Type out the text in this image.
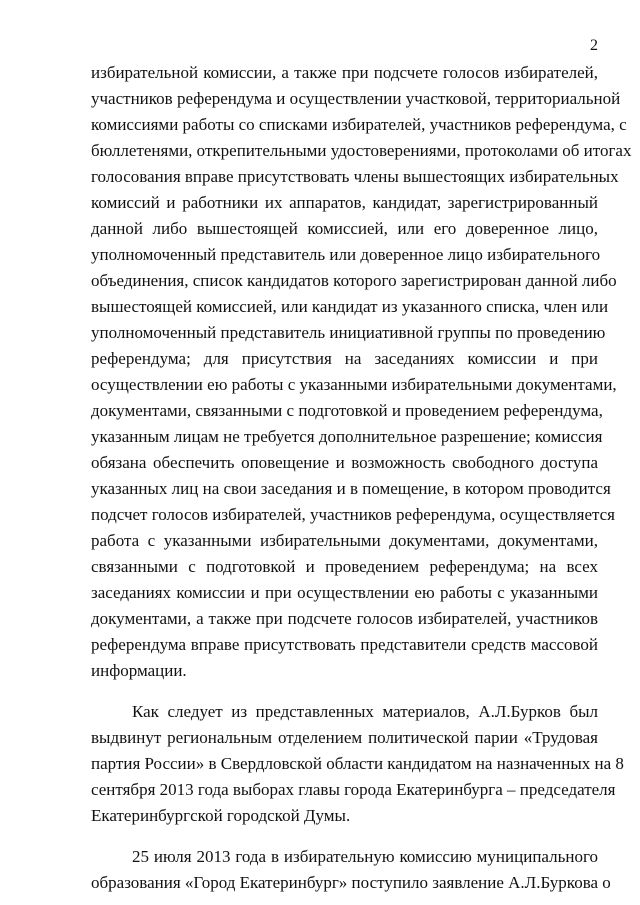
2
избирательной комиссии, а также при подсчете голосов избирателей,
участников референдума и осуществлении участковой, территориальной
комиссиями работы со списками избирателей, участников референдума, с
бюллетенями, открепительными удостоверениями, протоколами об итогах
голосования вправе присутствовать члены вышестоящих избирательных
комиссий и работники их аппаратов, кандидат, зарегистрированный
данной либо вышестоящей комиссией, или его доверенное лицо,
уполномоченный представитель или доверенное лицо избирательного
объединения, список кандидатов которого зарегистрирован данной либо
вышестоящей комиссией, или кандидат из указанного списка, член или
уполномоченный представитель инициативной группы по проведению
референдума; для присутствия на заседаниях комиссии и при
осуществлении ею работы с указанными избирательными документами,
документами, связанными с подготовкой и проведением референдума,
указанным лицам не требуется дополнительное разрешение; комиссия
обязана обеспечить оповещение и возможность свободного доступа
указанных лиц на свои заседания и в помещение, в котором проводится
подсчет голосов избирателей, участников референдума, осуществляется
работа с указанными избирательными документами, документами,
связанными с подготовкой и проведением референдума; на всех
заседаниях комиссии и при осуществлении ею работы с указанными
документами, а также при подсчете голосов избирателей, участников
референдума вправе присутствовать представители средств массовой
информации.
Как следует из представленных материалов, А.Л.Бурков был
выдвинут региональным отделением политической парии «Трудовая
партия России» в Свердловской области кандидатом на назначенных на 8
сентября 2013 года выборах главы города Екатеринбурга – председателя
Екатеринбургской городской Думы.
25 июля 2013 года в избирательную комиссию муниципального
образования «Город Екатеринбург» поступило заявление А.Л.Буркова о
